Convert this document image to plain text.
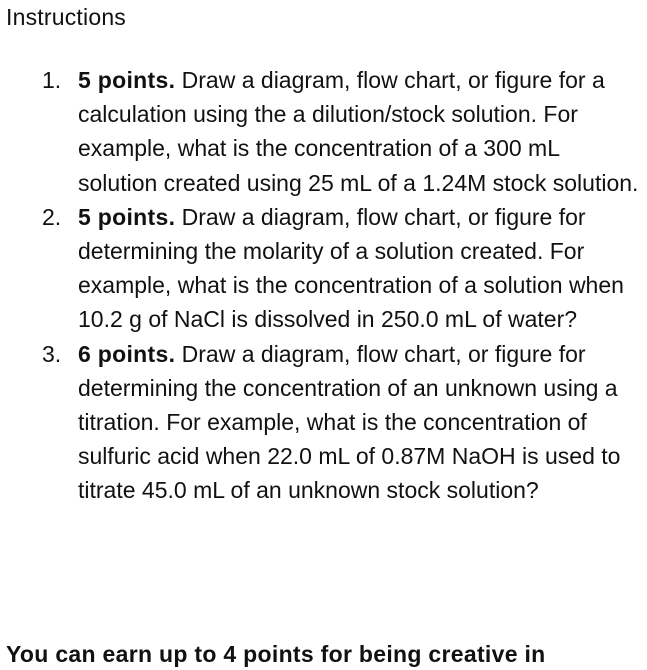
Instructions
1. 5 points. Draw a diagram, flow chart, or figure for a calculation using the a dilution/stock solution. For example, what is the concentration of a 300 mL solution created using 25 mL of a 1.24M stock solution.
2. 5 points. Draw a diagram, flow chart, or figure for determining the molarity of a solution created. For example, what is the concentration of a solution when 10.2 g of NaCl is dissolved in 250.0 mL of water?
3. 6 points. Draw a diagram, flow chart, or figure for determining the concentration of an unknown using a titration. For example, what is the concentration of sulfuric acid when 22.0 mL of 0.87M NaOH is used to titrate 45.0 mL of an unknown stock solution?
You can earn up to 4 points for being creative in
